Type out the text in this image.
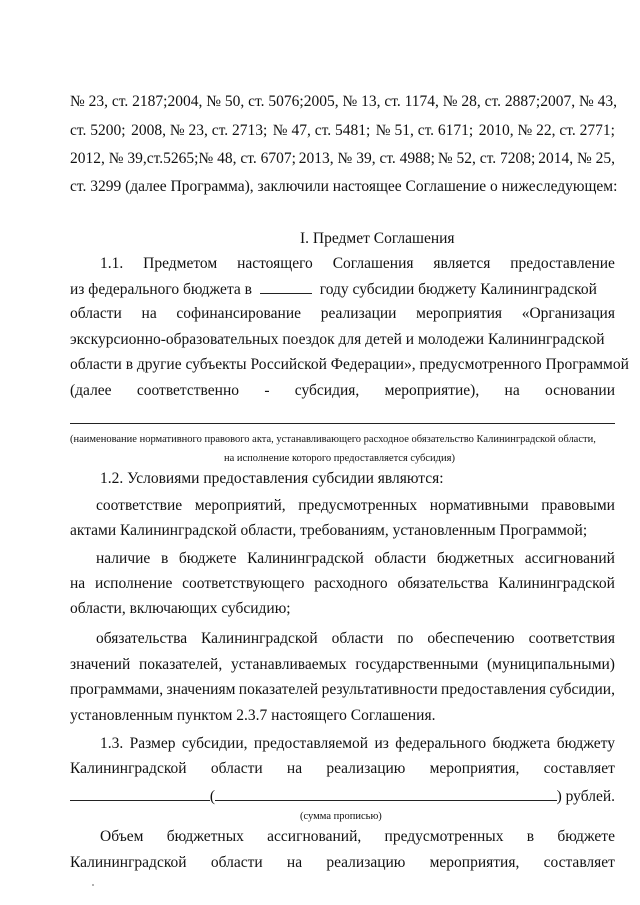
№ 23, ст. 2187; 2004, № 50, ст. 5076; 2005, № 13, ст. 1174, № 28, ст. 2887; 2007, № 43,
ст. 5200; 2008, № 23, ст. 2713; № 47, ст. 5481; № 51, ст. 6171; 2010, № 22, ст. 2771;
2012, № 39,ст.5265;№ 48, ст. 6707; 2013, № 39, ст. 4988; № 52, ст. 7208; 2014, № 25,
ст. 3299 (далее Программа), заключили настоящее Соглашение о нижеследующем:
I. Предмет Соглашения
1.1. Предметом настоящего Соглашения является предоставление
из федерального бюджета в	году субсидии бюджету Калининградской
области на софинансирование реализации мероприятия «Организация
экскурсионно-образовательных поездок для детей и молодежи Калининградской
области в другие субъекты Российской Федерации», предусмотренного Программой
(далее соответственно - субсидия, мероприятие), на основании
(наименование нормативного правового акта, устанавливающего расходное обязательство Калининградской области,
на исполнение которого предоставляется субсидия)
1.2. Условиями предоставления субсидии являются:
соответствие мероприятий, предусмотренных нормативными правовыми
актами Калининградской области, требованиям, установленным Программой;
наличие в бюджете Калининградской области бюджетных ассигнований
на исполнение соответствующего расходного обязательства Калининградской
области, включающих субсидию;
обязательства Калининградской области по обеспечению соответствия
значений показателей, устанавливаемых государственными (муниципальными)
программами, значениям показателей результативности предоставления субсидии,
установленным пунктом 2.3.7 настоящего Соглашения.
1.3. Размер субсидии, предоставляемой из федерального бюджета бюджету
Калининградской области на реализацию мероприятия, составляет
(	) рублей.
(сумма прописью)
Объем бюджетных ассигнований, предусмотренных в бюджете
Калининградской области на реализацию мероприятия, составляет
